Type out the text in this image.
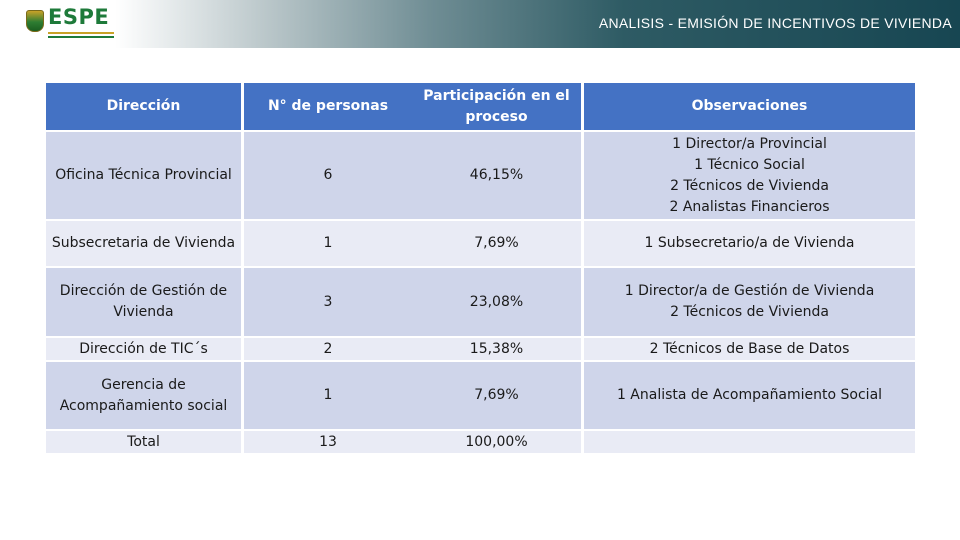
ESPE	ANALISIS - EMISIÓN DE INCENTIVOS DE VIVIENDA
Dirección		N° de personas	Participación en el proceso		Observaciones
Oficina Técnica Provincial		6	46,15%		1 Director/a Provincial
1 Técnico Social
2 Técnicos de Vivienda
2 Analistas Financieros

Subsecretaria de Vivienda		1	7,69%		1 Subsecretario/a de Vivienda

Dirección de Gestión de Vivienda		3	23,08%		1 Director/a de Gestión de Vivienda
2 Técnicos de Vivienda

Dirección de TIC´s		2	15,38%		2 Técnicos de Base de Datos

Gerencia de Acompañamiento social		1	7,69%		1 Analista de Acompañamiento Social

Total		13	100,00%		
